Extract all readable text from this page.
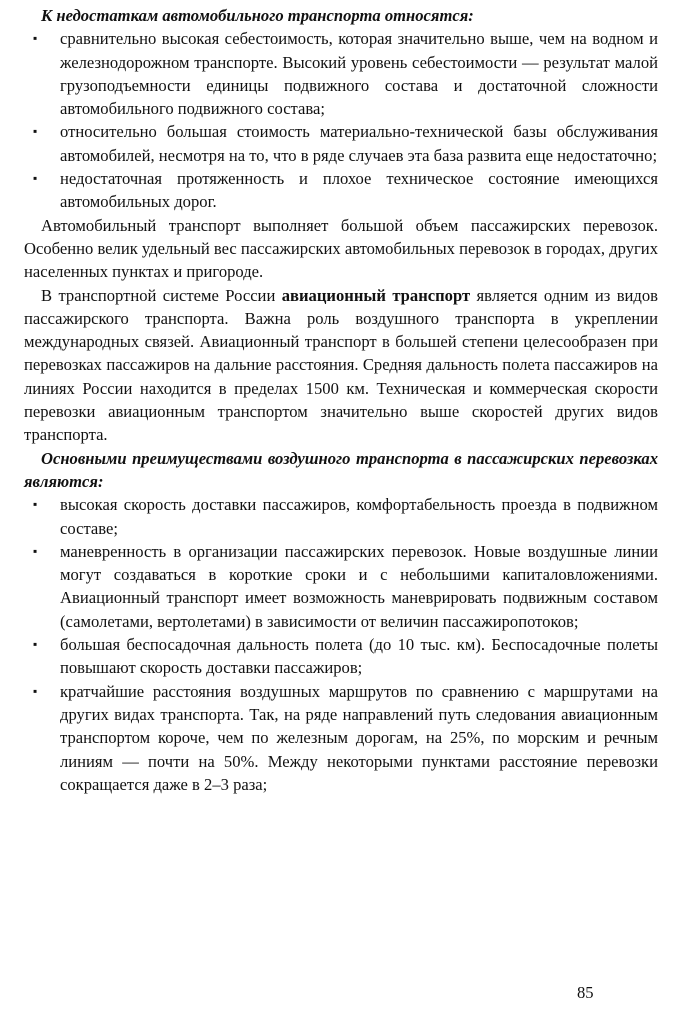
К недостаткам автомобильного транспорта относятся:

▪ сравнительно высокая себестоимость, которая значительно выше, чем на водном и железнодорожном транспорте. Высокий уровень себестоимости — результат малой грузоподъемности единицы подвижного состава и достаточной сложности автомобильного подвижного состава;
▪ относительно большая стоимость материально-технической базы обслуживания автомобилей, несмотря на то, что в ряде случаев эта база развита еще недостаточно;
▪ недостаточная протяженность и плохое техническое состояние имеющихся автомобильных дорог.

Автомобильный транспорт выполняет большой объем пассажирских перевозок. Особенно велик удельный вес пассажирских автомобильных перевозок в городах, других населенных пунктах и пригороде.

В транспортной системе России авиационный транспорт является одним из видов пассажирского транспорта. Важна роль воздушного транспорта в укреплении международных связей. Авиационный транспорт в большей степени целесообразен при перевозках пассажиров на дальние расстояния. Средняя дальность полета пассажиров на линиях России находится в пределах 1500 км. Техническая и коммерческая скорости перевозки авиационным транспортом значительно выше скоростей других видов транспорта.

Основными преимуществами воздушного транспорта в пассажирских перевозках являются:

▪ высокая скорость доставки пассажиров, комфортабельность проезда в подвижном составе;
▪ маневренность в организации пассажирских перевозок. Новые воздушные линии могут создаваться в короткие сроки и с небольшими капиталовложениями. Авиационный транспорт имеет возможность маневрировать подвижным составом (самолетами, вертолетами) в зависимости от величин пассажиропотоков;
▪ большая беспосадочная дальность полета (до 10 тыс. км). Беспосадочные полеты повышают скорость доставки пассажиров;
▪ кратчайшие расстояния воздушных маршрутов по сравнению с маршрутами на других видах транспорта. Так, на ряде направлений путь следования авиационным транспортом короче, чем по железным дорогам, на 25%, по морским и речным линиям — почти на 50%. Между некоторыми пунктами расстояние перевозки сокращается даже в 2–3 раза;
85
